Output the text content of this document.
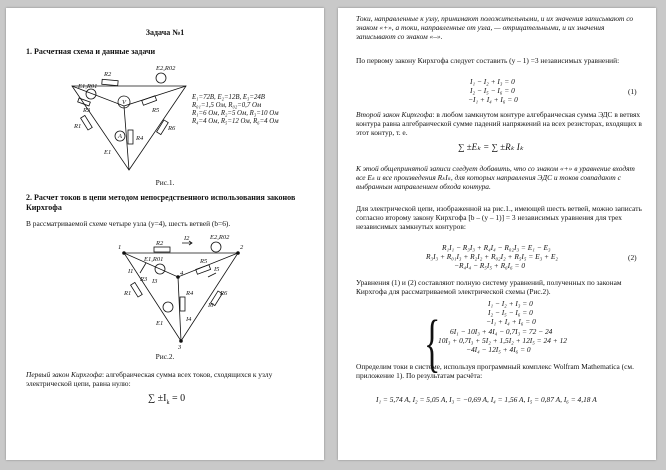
Задача №1
1. Расчетная схема и данные задачи
R2
E2,R02
E1,R01
V
R3	R5
R1	R6
R4
A
E1
E₁=72B, E₂=12B, E₃=24B
R₀₁=1,5 Ом, R₀₂=0,7 Ом
R₁=6 Ом, R₂=5 Ом, R₃=10 Ом
R₄=4 Ом, R₅=12 Ом, R₆=4 Ом
Рис.1.
2. Расчет токов в цепи методом непосредственного использования законов Кирхгофа
В рассматриваемой схеме четыре узла (у=4), шесть ветвей (b=6).
1	2
3
4
R2
I2	E2,R02
E1,R01
I1
R3 I3
R5
I5
R6
I6
R4
I4
R1
E1
Рис.2.
Первый закон Кирхгофа: алгебраическая сумма всех токов, сходящихся к узлу электрической цепи, равна нулю:
∑ $\pm I_k = 0$
Токи, направленные к узлу, принимают положительными, и их значения записывают со знаком «+», а токи, направленные от узла, — отрицательными, и их значения записывают со знаком «–».
По первому закону Кирхгофа следует составить (у – 1) =3 независимых уравнений:
I₁ − I₂ + I₃ = 0
I₂ − I₅ − I₆ = 0
−I₁ + I₄ + I₆ = 0
(1)
Второй закон Кирхгофа: в любом замкнутом контуре алгебраическая сумма ЭДС в ветвях контура равна алгебраической сумме падений напряжений на всех резисторах, входящих в этот контур, т. е.
∑ ±Eₖ = ∑ ±Rₖ Iₖ
К этой общепринятой записи следует добавить, что со знаком «+» в уравнение входят все Eₖ и все произведения RₖIₖ, для которых направления ЭДС и токов совпадают с выбранным направлением обхода контура.
Для электрической цепи, изображенной на рис.1., имеющей шесть ветвей, можно записать согласно второму закону Кирхгофа [b – (у – 1)] = 3 независимых уравнения для трех независимых замкнутых контуров:
R₁I₁ − R₃I₃ + R₄I₄ − R₀₂I₃ = E₁ − E₃
R₃I₃ + R₀₁I₃ + R₂I₂ + R₀₂I₂ + R₅I₅ = E₃ + E₂
−R₄I₄ − R₅I₅ + R₆I₆ = 0
(2)
Уравнения (1) и (2) составляют полную систему уравнений, полученных по законам Кирхгофа для рассматриваемой электрической схемы (Рис.2).
{
I₁ − I₂ + I₃ = 0
I₂ − I₅ − I₆ = 0
−I₁ + I₄ + I₆ = 0
6I₁ − 10I₃ + 4I₄ − 0,7I₃ = 72 − 24
10I₃ + 0,7I₃ + 5I₂ + 1,5I₂ + 12I₅ = 24 + 12
−4I₄ − 12I₅ + 4I₆ = 0
Определим токи в системе, используя программный комплекс Wolfram Mathematica (см. приложение 1). По результатам расчёта:
I₁ = 5,74 A, I₂ = 5,05 A, I₃ = −0,69 A, I₄ = 1,56 A, I₅ = 0,87 A, I₆ = 4,18 A
